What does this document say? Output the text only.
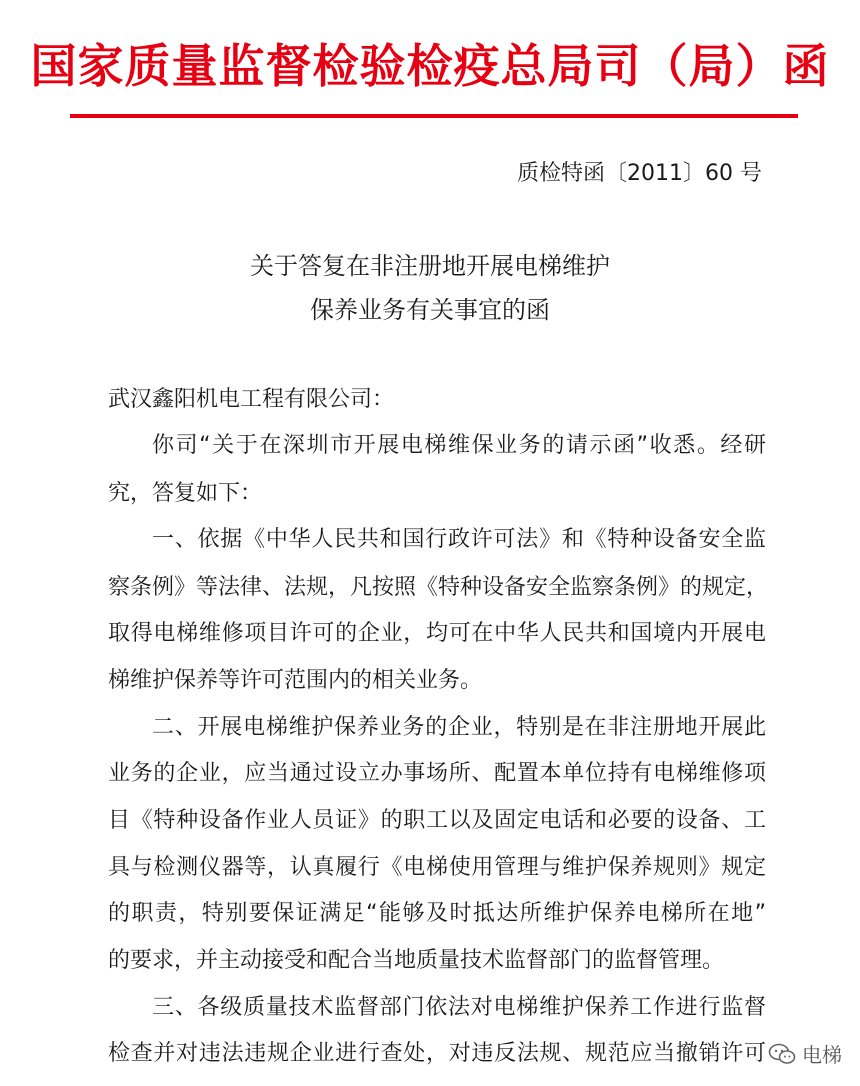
国家质量监督检验检疫总局司（局）函
质检特函〔2011〕60 号
关于答复在非注册地开展电梯维护
保养业务有关事宜的函
武汉鑫阳机电工程有限公司：
你司“关于在深圳市开展电梯维保业务的请示函”收悉。经研
究，答复如下：
一、依据《中华人民共和国行政许可法》和《特种设备安全监
察条例》等法律、法规，凡按照《特种设备安全监察条例》的规定，
取得电梯维修项目许可的企业，均可在中华人民共和国境内开展电
梯维护保养等许可范围内的相关业务。
二、开展电梯维护保养业务的企业，特别是在非注册地开展此
业务的企业，应当通过设立办事场所、配置本单位持有电梯维修项
目《特种设备作业人员证》的职工以及固定电话和必要的设备、工
具与检测仪器等，认真履行《电梯使用管理与维护保养规则》规定
的职责，特别要保证满足“能够及时抵达所维护保养电梯所在地”
的要求，并主动接受和配合当地质量技术监督部门的监督管理。
三、各级质量技术监督部门依法对电梯维护保养工作进行监督
检查并对违法违规企业进行查处，对违反法规、规范应当撤销许可 电梯
